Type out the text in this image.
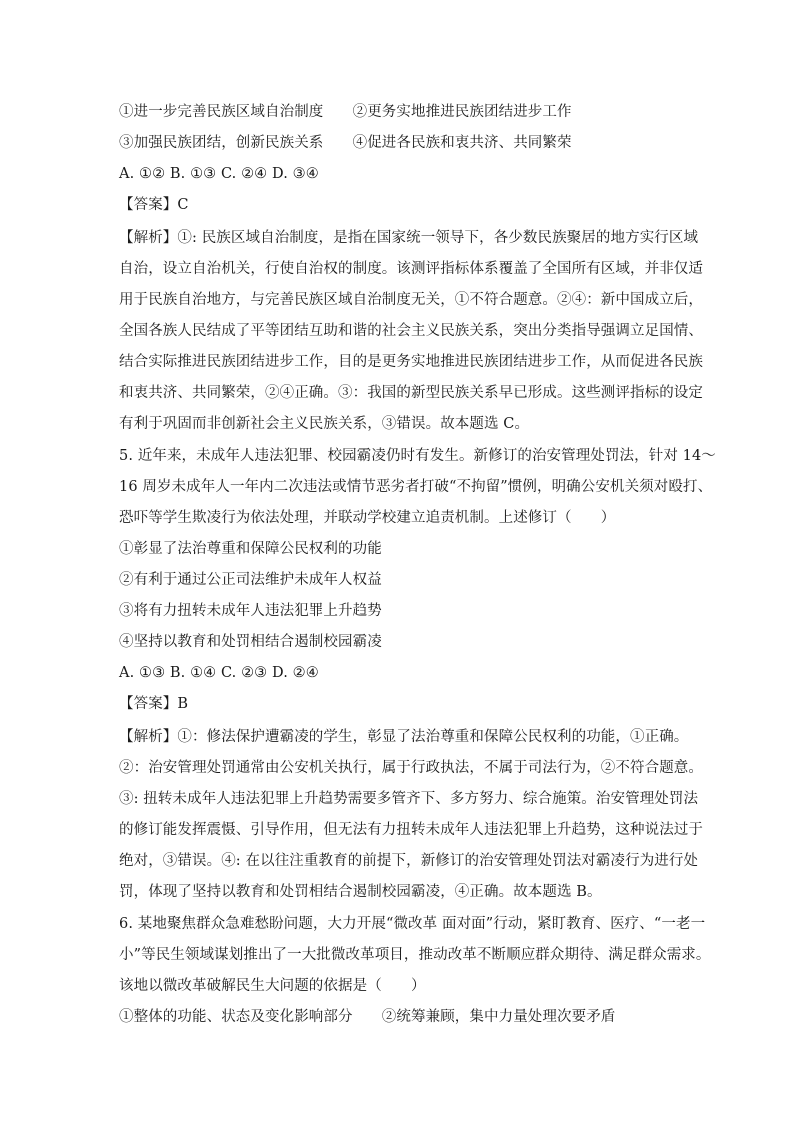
①进一步完善民族区域自治制度　　②更务实地推进民族团结进步工作
③加强民族团结，创新民族关系　　④促进各民族和衷共济、共同繁荣
A. ①② B. ①③ C. ②④ D. ③④
【答案】C
【解析】①: 民族区域自治制度，是指在国家统一领导下，各少数民族聚居的地方实行区域
自治，设立自治机关，行使自治权的制度。该测评指标体系覆盖了全国所有区域，并非仅适
用于民族自治地方，与完善民族区域自治制度无关，①不符合题意。②④：新中国成立后，
全国各族人民结成了平等团结互助和谐的社会主义民族关系，突出分类指导强调立足国情、
结合实际推进民族团结进步工作，目的是更务实地推进民族团结进步工作，从而促进各民族
和衷共济、共同繁荣，②④正确。③：我国的新型民族关系早已形成。这些测评指标的设定
有利于巩固而非创新社会主义民族关系，③错误。故本题选 C。
5. 近年来，未成年人违法犯罪、校园霸凌仍时有发生。新修订的治安管理处罚法，针对 14～
16 周岁未成年人一年内二次违法或情节恶劣者打破“不拘留”惯例，明确公安机关须对殴打、
恐吓等学生欺凌行为依法处理，并联动学校建立追责机制。上述修订（　　）
①彰显了法治尊重和保障公民权利的功能
②有利于通过公正司法维护未成年人权益
③将有力扭转未成年人违法犯罪上升趋势
④坚持以教育和处罚相结合遏制校园霸凌
A. ①③ B. ①④ C. ②③ D. ②④
【答案】B
【解析】①：修法保护遭霸凌的学生，彰显了法治尊重和保障公民权利的功能，①正确。
②：治安管理处罚通常由公安机关执行，属于行政执法，不属于司法行为，②不符合题意。
③: 扭转未成年人违法犯罪上升趋势需要多管齐下、多方努力、综合施策。治安管理处罚法
的修订能发挥震慑、引导作用，但无法有力扭转未成年人违法犯罪上升趋势，这种说法过于
绝对，③错误。④: 在以往注重教育的前提下，新修订的治安管理处罚法对霸凌行为进行处
罚，体现了坚持以教育和处罚相结合遏制校园霸凌，④正确。故本题选 B。
6. 某地聚焦群众急难愁盼问题，大力开展“微改革 面对面”行动，紧盯教育、医疗、“一老一
小”等民生领域谋划推出了一大批微改革项目，推动改革不断顺应群众期待、满足群众需求。
该地以微改革破解民生大问题的依据是（　　）
①整体的功能、状态及变化影响部分　　②统筹兼顾，集中力量处理次要矛盾
